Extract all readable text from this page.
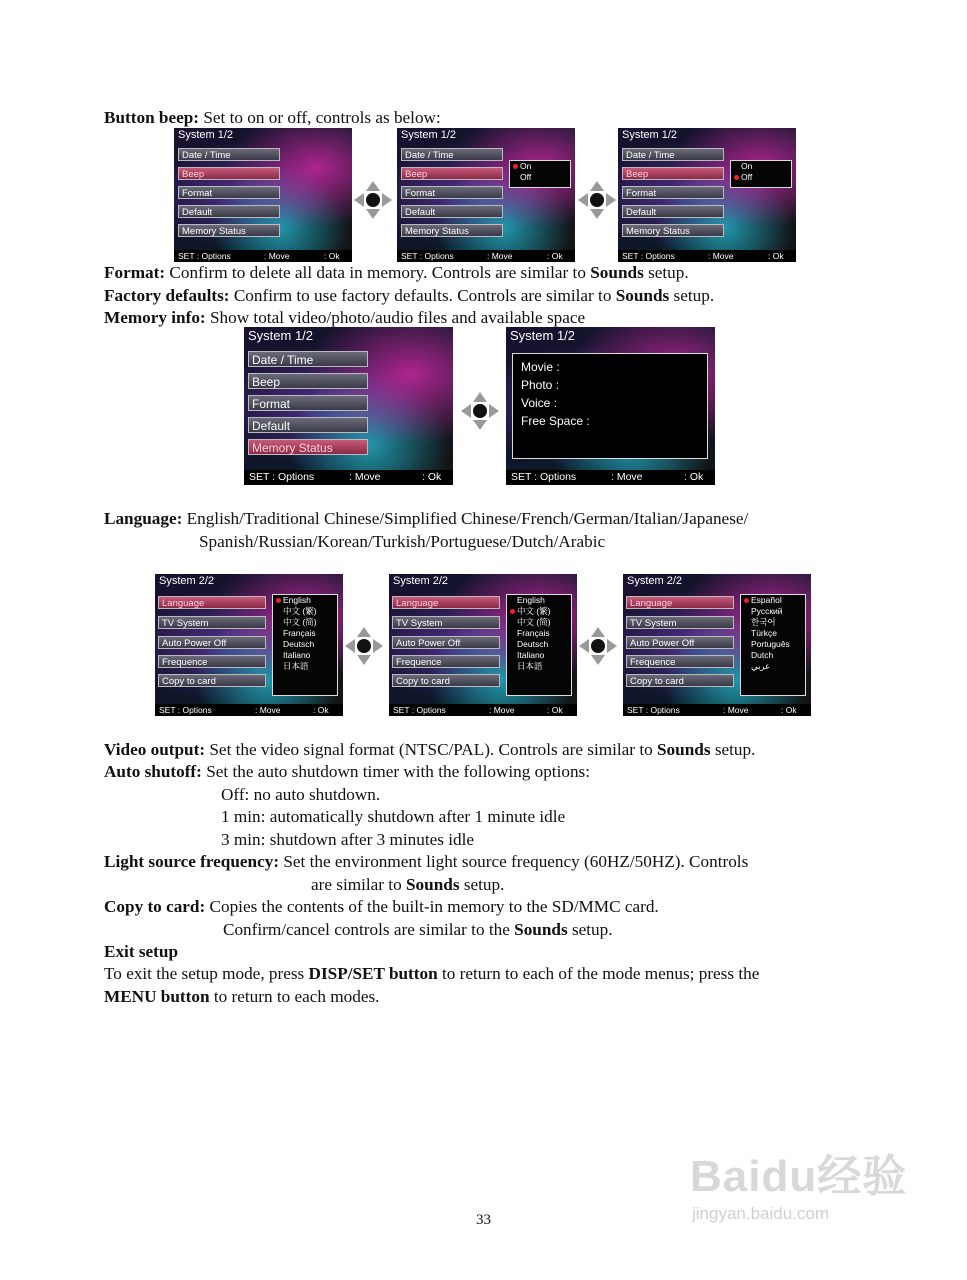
Button beep: Set to on or off, controls as below:
System 1/2
Date / Time
Beep
Format
Default
Memory Status
SET : Options	: Move	: Ok
System 1/2
Date / Time
Beep
Format
Default
Memory Status
On
Off
SET : Options	: Move	: Ok
System 1/2
Date / Time
Beep
Format
Default
Memory Status
On
Off
SET : Options	: Move	: Ok
Format: Confirm to delete all data in memory. Controls are similar to Sounds setup.
Factory defaults: Confirm to use factory defaults. Controls are similar to Sounds setup.
Memory info: Show total video/photo/audio files and available space
System 1/2
Date / Time
Beep
Format
Default
Memory Status
SET : Options	: Move	: Ok
System 1/2
Movie :
Photo :
Voice :
Free Space :
SET : Options	: Move	: Ok
Language: English/Traditional Chinese/Simplified Chinese/French/German/Italian/Japanese/
Spanish/Russian/Korean/Turkish/Portuguese/Dutch/Arabic
System 2/2
Language
TV System
Auto Power Off
Frequence
Copy to card
English
中文 (繁)
中文 (简)
Français
Deutsch
Italiano
日本語
SET : Options	: Move	: Ok
System 2/2
Language
TV System
Auto Power Off
Frequence
Copy to card
English
中文 (繁)
中文 (简)
Français
Deutsch
Italiano
日本語
SET : Options	: Move	: Ok
System 2/2
Language
TV System
Auto Power Off
Frequence
Copy to card
Español
Русский
한국어
Türkçe
Português
Dutch
عربي
SET : Options	: Move	: Ok
Video output: Set the video signal format (NTSC/PAL). Controls are similar to Sounds setup.
Auto shutoff: Set the auto shutdown timer with the following options:
Off: no auto shutdown.
1 min: automatically shutdown after 1 minute idle
3 min: shutdown after 3 minutes idle
Light source frequency: Set the environment light source frequency (60HZ/50HZ). Controls
are similar to Sounds setup.
Copy to card: Copies the contents of the built-in memory to the SD/MMC card.
Confirm/cancel controls are similar to the Sounds setup.
Exit setup
To exit the setup mode, press DISP/SET button to return to each of the mode menus; press the
MENU button to return to each modes.
Baidu经验
jingyan.baidu.com
33
